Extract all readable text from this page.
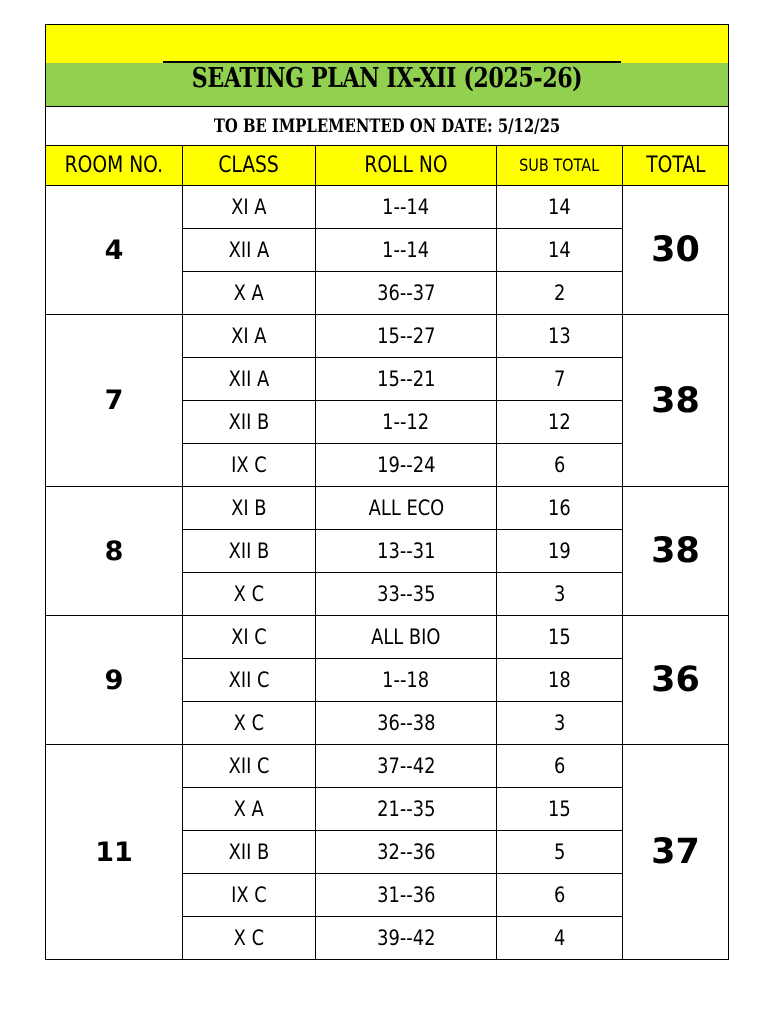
SEATING PLAN IX-XII (2025-26)				

TO BE IMPLEMENTED ON DATE: 5/12/25				
ROOM NO.	CLASS	ROLL NO	SUB TOTAL	TOTAL
4	XI A	1--14	14	30
	XII A	1--14	14	
	X A	36--37	2	
7	XI A	15--27	13	38
	XII A	15--21	7	
	XII B	1--12	12	
	IX C	19--24	6	
8	XI B	ALL ECO	16	38
	XII B	13--31	19	
	X C	33--35	3	
9	XI C	ALL BIO	15	36
	XII C	1--18	18	
	X C	36--38	3	
11	XII C	37--42	6	37
	X A	21--35	15	
	XII B	32--36	5	
	IX C	31--36	6	
	X C	39--42	4	
